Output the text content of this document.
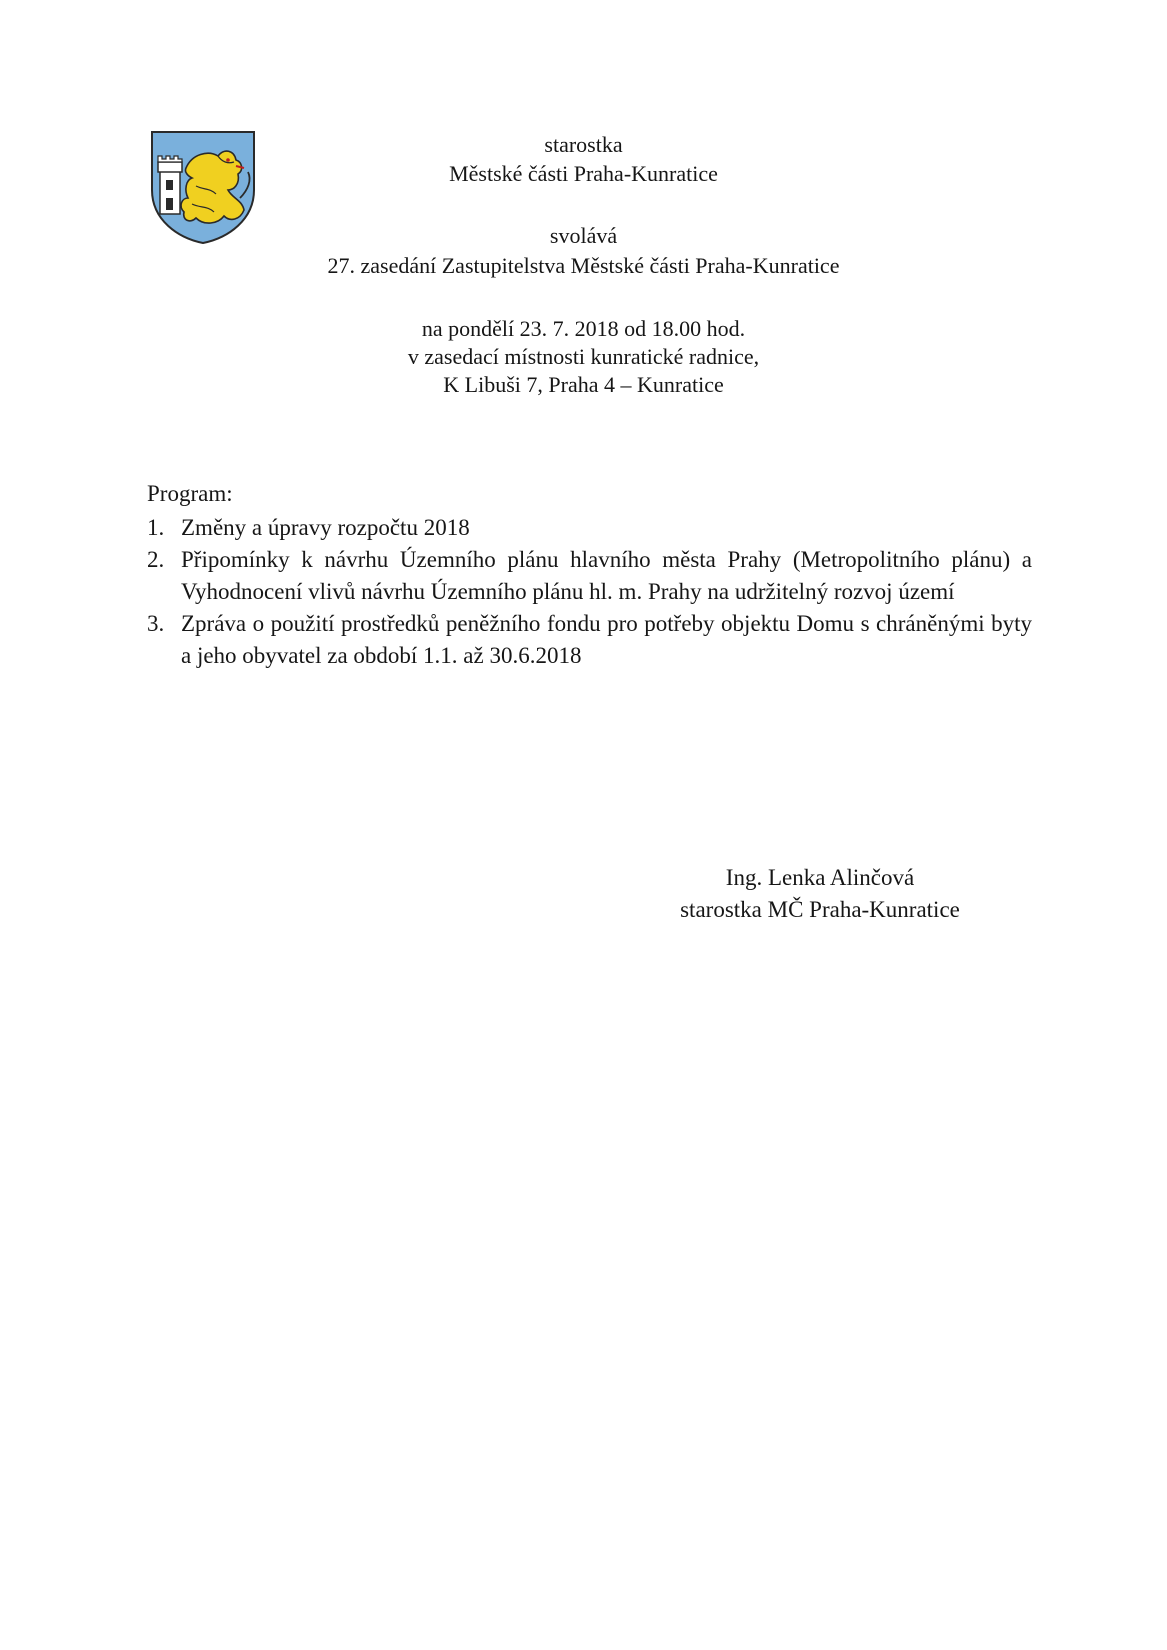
starostka
Městské části Praha-Kunratice
svolává
27. zasedání Zastupitelstva Městské části Praha-Kunratice
na pondělí 23. 7. 2018 od 18.00 hod.
v zasedací místnosti kunratické radnice,
K Libuši 7, Praha 4 – Kunratice
Program:
1. Změny a úpravy rozpočtu 2018
2. Připomínky k návrhu Územního plánu hlavního města Prahy (Metropolitního plánu) a Vyhodnocení vlivů návrhu Územního plánu hl. m. Prahy na udržitelný rozvoj území
3. Zpráva o použití prostředků peněžního fondu pro potřeby objektu Domu s chráněnými byty a jeho obyvatel za období 1.1. až 30.6.2018
Ing. Lenka Alinčová
starostka MČ Praha-Kunratice
